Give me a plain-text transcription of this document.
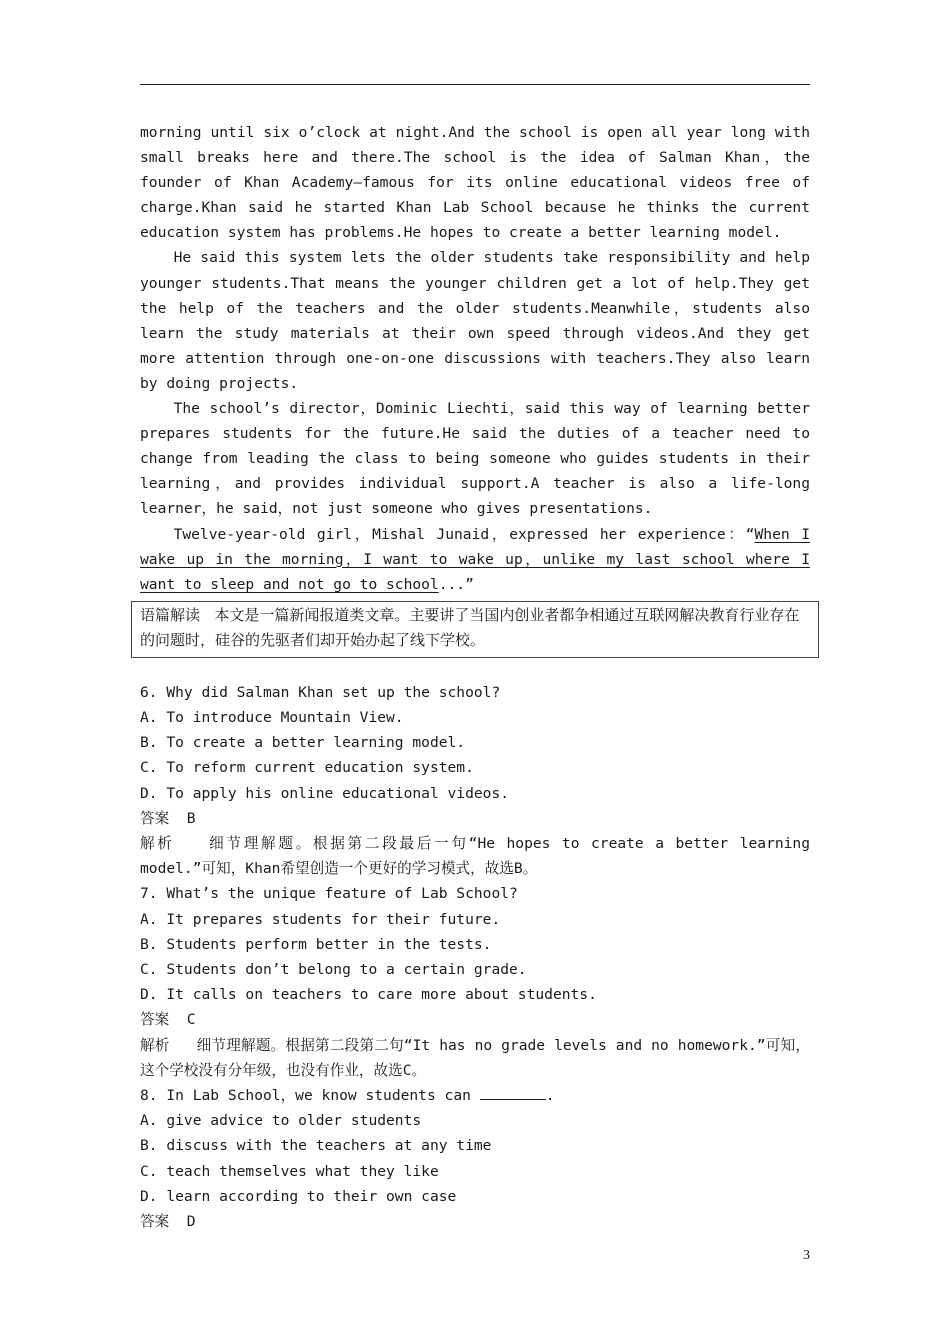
morning until six o’clock at night.And the school is open all year long with small breaks here and there.The school is the idea of Salman Khan，the founder of Khan Academy—famous for its online educational videos free of charge.Khan said he started Khan Lab School because he thinks the current education system has problems.He hopes to create a better learning model.

He said this system lets the older students take responsibility and help younger students.That means the younger children get a lot of help.They get the help of the teachers and the older students.Meanwhile，students also learn the study materials at their own speed through videos.And they get more attention through one-on-one discussions with teachers.They also learn by doing projects.

The school’s director，Dominic Liechti，said this way of learning better prepares students for the future.He said the duties of a teacher need to change from leading the class to being someone who guides students in their learning，and provides individual support.A teacher is also a life-long learner，he said，not just someone who gives presentations.

Twelve-year-old girl，Mishal Junaid，expressed her experience：“When I wake up in the morning，I want to wake up，unlike my last school where I want to sleep and not go to school...”

语篇解读 本文是一篇新闻报道类文章。主要讲了当国内创业者都争相通过互联网解决教育行业存在的问题时，硅谷的先驱者们却开始办起了线下学校。

6. Why did Salman Khan set up the school?

A. To introduce Mountain View.

B. To create a better learning model.

C. To reform current education system.

D. To apply his online educational videos.

答案 B

解析 细节理解题。根据第二段最后一句“He hopes to create a better learning model.”可知，Khan希望创造一个更好的学习模式，故选B。

7. What’s the unique feature of Lab School?

A. It prepares students for their future.

B. Students perform better in the tests.

C. Students don’t belong to a certain grade.

D. It calls on teachers to care more about students.

答案 C

解析 细节理解题。根据第二段第二句“It has no grade levels and no homework.”可知，这个学校没有分年级，也没有作业，故选C。

8. In Lab School，we know students can	.

A. give advice to older students

B. discuss with the teachers at any time

C. teach themselves what they like

D. learn according to their own case

答案 D

3
